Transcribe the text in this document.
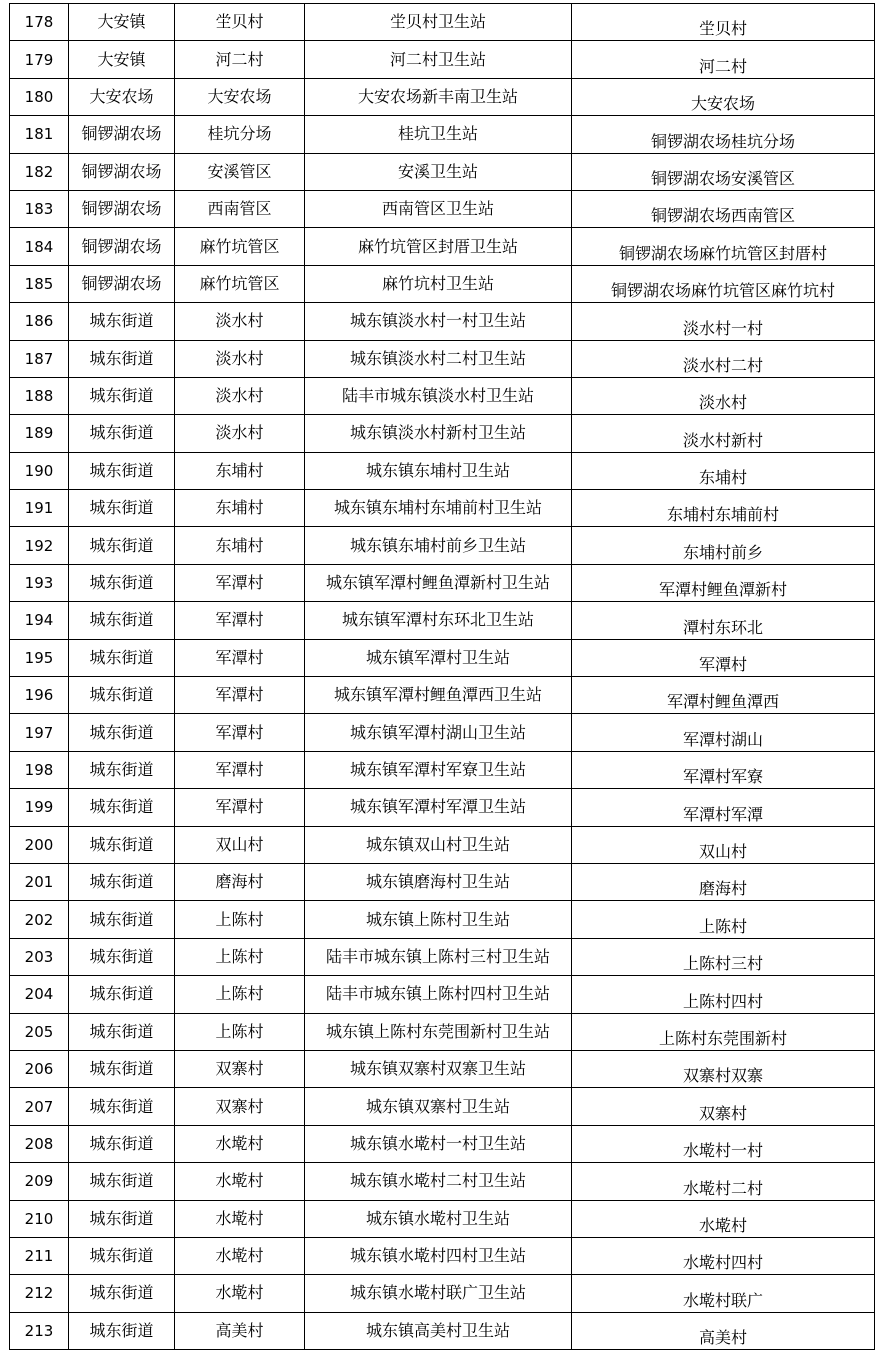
178	大安镇	坣贝村	坣贝村卫生站	坣贝村
179	大安镇	河二村	河二村卫生站	河二村
180	大安农场	大安农场	大安农场新丰南卫生站	大安农场
181	铜锣湖农场	桂坑分场	桂坑卫生站	铜锣湖农场桂坑分场
182	铜锣湖农场	安溪管区	安溪卫生站	铜锣湖农场安溪管区
183	铜锣湖农场	西南管区	西南管区卫生站	铜锣湖农场西南管区
184	铜锣湖农场	麻竹坑管区	麻竹坑管区封厝卫生站	铜锣湖农场麻竹坑管区封厝村
185	铜锣湖农场	麻竹坑管区	麻竹坑村卫生站	铜锣湖农场麻竹坑管区麻竹坑村
186	城东街道	淡水村	城东镇淡水村一村卫生站	淡水村一村
187	城东街道	淡水村	城东镇淡水村二村卫生站	淡水村二村
188	城东街道	淡水村	陆丰市城东镇淡水村卫生站	淡水村
189	城东街道	淡水村	城东镇淡水村新村卫生站	淡水村新村
190	城东街道	东埔村	城东镇东埔村卫生站	东埔村
191	城东街道	东埔村	城东镇东埔村东埔前村卫生站	东埔村东埔前村
192	城东街道	东埔村	城东镇东埔村前乡卫生站	东埔村前乡
193	城东街道	军潭村	城东镇军潭村鲤鱼潭新村卫生站	军潭村鲤鱼潭新村
194	城东街道	军潭村	城东镇军潭村东环北卫生站	潭村东环北
195	城东街道	军潭村	城东镇军潭村卫生站	军潭村
196	城东街道	军潭村	城东镇军潭村鲤鱼潭西卫生站	军潭村鲤鱼潭西
197	城东街道	军潭村	城东镇军潭村湖山卫生站	军潭村湖山
198	城东街道	军潭村	城东镇军潭村军寮卫生站	军潭村军寮
199	城东街道	军潭村	城东镇军潭村军潭卫生站	军潭村军潭
200	城东街道	双山村	城东镇双山村卫生站	双山村
201	城东街道	磨海村	城东镇磨海村卫生站	磨海村
202	城东街道	上陈村	城东镇上陈村卫生站	上陈村
203	城东街道	上陈村	陆丰市城东镇上陈村三村卫生站	上陈村三村
204	城东街道	上陈村	陆丰市城东镇上陈村四村卫生站	上陈村四村
205	城东街道	上陈村	城东镇上陈村东莞围新村卫生站	上陈村东莞围新村
206	城东街道	双寨村	城东镇双寨村双寨卫生站	双寨村双寨
207	城东街道	双寨村	城东镇双寨村卫生站	双寨村
208	城东街道	水墘村	城东镇水墘村一村卫生站	水墘村一村
209	城东街道	水墘村	城东镇水墘村二村卫生站	水墘村二村
210	城东街道	水墘村	城东镇水墘村卫生站	水墘村
211	城东街道	水墘村	城东镇水墘村四村卫生站	水墘村四村
212	城东街道	水墘村	城东镇水墘村联广卫生站	水墘村联广
213	城东街道	高美村	城东镇高美村卫生站	高美村
